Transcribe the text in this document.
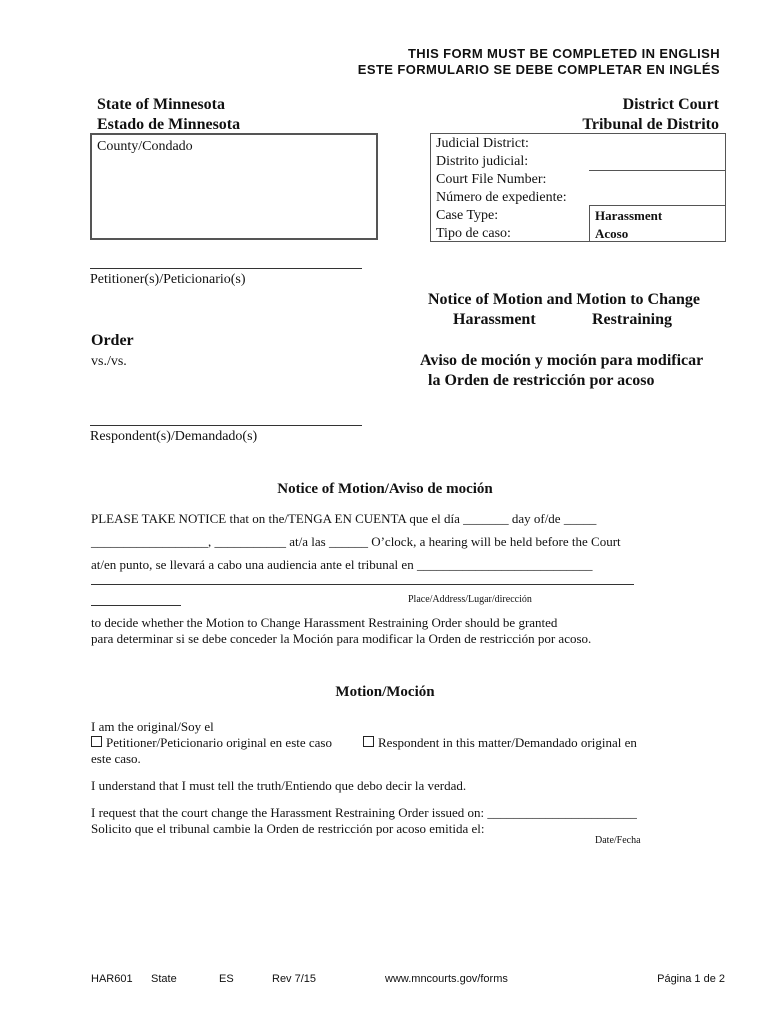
THIS FORM MUST BE COMPLETED IN ENGLISH
ESTE FORMULARIO SE DEBE COMPLETAR EN INGLÉS
State of Minnesota
Estado de Minnesota
District Court
Tribunal de Distrito
County/Condado	Judicial District:
Distrito judicial:
Court File Number:
Número de expediente:
Case Type:
Tipo de caso:
Harassment
Acoso
Petitioner(s)/Peticionario(s)
Notice of Motion and Motion to Change
Harassment	Restraining
Order
vs./vs.	Aviso de moción y moción para modificar
la Orden de restricción por acoso
Respondent(s)/Demandado(s)
Notice of Motion/Aviso de moción
PLEASE TAKE NOTICE that on the/TENGA EN CUENTA que el día _______ day of/de _____
__________________, ___________ at/a las ______ O’clock, a hearing will be held before the Court
at/en punto, se llevará a cabo una audiencia ante el tribunal en ___________________________
Place/Address/Lugar/dirección
to decide whether the Motion to Change Harassment Restraining Order should be granted
para determinar si se debe conceder la Moción para modificar la Orden de restricción por acoso.
Motion/Moción
I am the original/Soy el
Petitioner/Peticionario original en este caso	Respondent in this matter/Demandado original en
este caso.
I understand that I must tell the truth/Entiendo que debo decir la verdad.
I request that the court change the Harassment Restraining Order issued on: _______________________
Solicito que el tribunal cambie la Orden de restricción por acoso emitida el:
Date/Fecha
HAR601 State	ES	Rev 7/15	www.mncourts.gov/forms	Página 1 de 2
